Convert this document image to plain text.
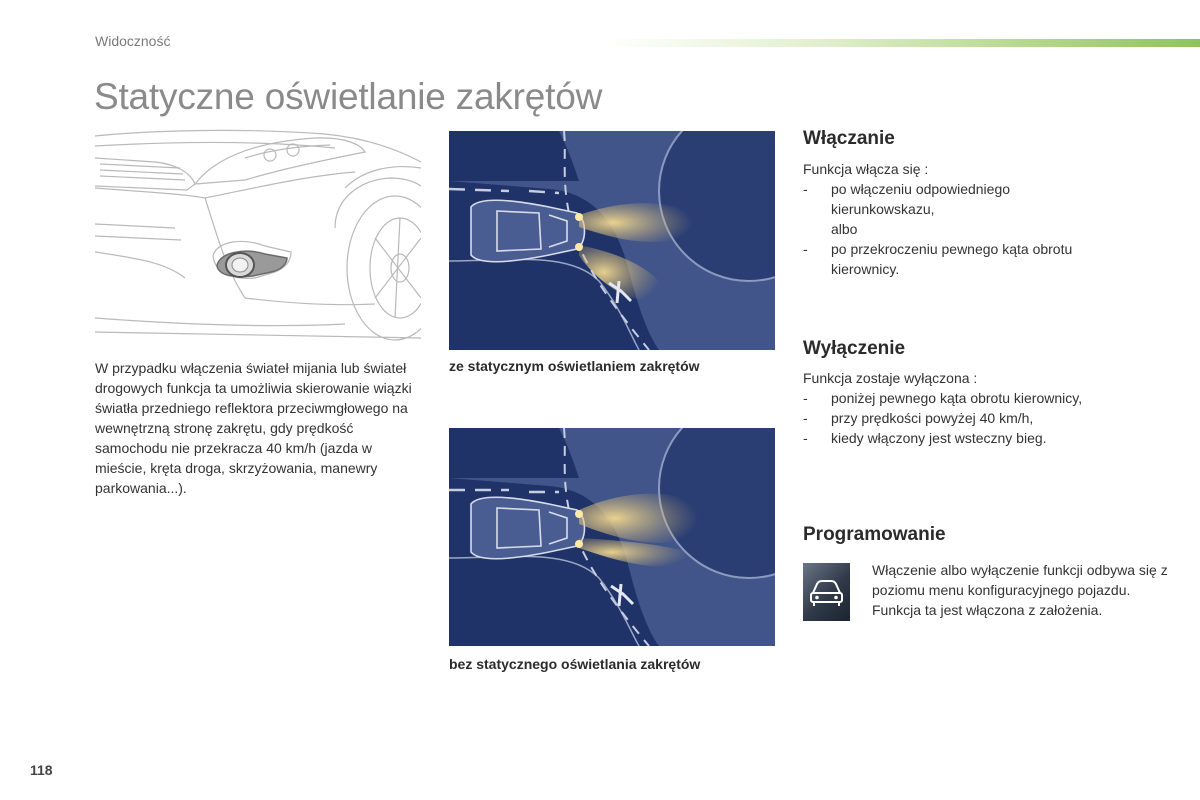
Widoczność
Statyczne oświetlanie zakrętów

W przypadku włączenia świateł mijania lub świateł drogowych funkcja ta umożliwia skierowanie wiązki światła przedniego reflektora przeciwmgłowego na wewnętrzną stronę zakrętu, gdy prędkość samochodu nie przekracza 40 km/h (jazda w mieście, kręta droga, skrzyżowania, manewry parkowania...).

ze statycznym oświetlaniem zakrętów
bez statycznego oświetlania zakrętów
Włączanie
Funkcja włącza się :
- po włączeniu odpowiedniego
kierunkowskazu,
albo
- po przekroczeniu pewnego kąta obrotu kierownicy.
Wyłączenie
Funkcja zostaje wyłączona :
- poniżej pewnego kąta obrotu kierownicy,
- przy prędkości powyżej 40 km/h,
- kiedy włączony jest wsteczny bieg.
Programowanie
Włączenie albo wyłączenie funkcji odbywa się z poziomu menu konfiguracyjnego pojazdu.
Funkcja ta jest włączona z założenia.
118
